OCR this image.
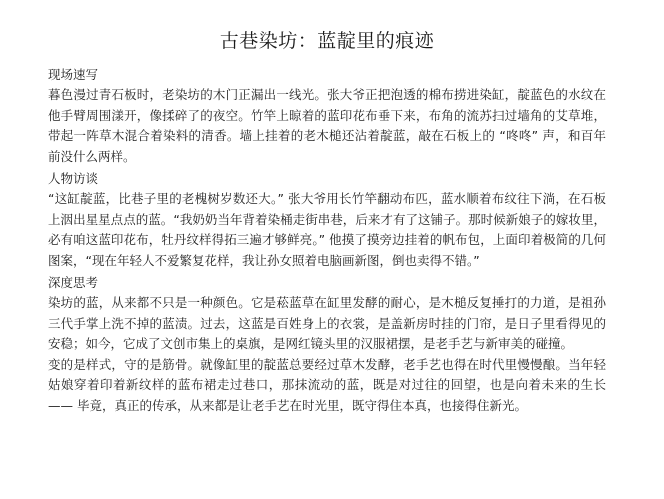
古巷染坊：蓝靛里的痕迹
现场速写

暮色漫过青石板时，老染坊的木门正漏出一线光。张大爷正把泡透的棉布捞进染缸，靛蓝色的水纹在他手臂周围漾开，像揉碎了的夜空。竹竿上晾着的蓝印花布垂下来，布角的流苏扫过墙角的艾草堆，带起一阵草木混合着染料的清香。墙上挂着的老木槌还沾着靛蓝，敲在石板上的 “咚咚” 声，和百年前没什么两样。

人物访谈

“这缸靛蓝，比巷子里的老槐树岁数还大。” 张大爷用长竹竿翻动布匹，蓝水顺着布纹往下淌，在石板上洇出星星点点的蓝。“我奶奶当年背着染桶走街串巷，后来才有了这铺子。那时候新娘子的嫁妆里，必有咱这蓝印花布，牡丹纹样得拓三遍才够鲜亮。” 他摸了摸旁边挂着的帆布包，上面印着极简的几何图案，“现在年轻人不爱繁复花样，我让孙女照着电脑画新图，倒也卖得不错。”

深度思考

染坊的蓝，从来都不只是一种颜色。它是菘蓝草在缸里发酵的耐心，是木槌反复捶打的力道，是祖孙三代手掌上洗不掉的蓝渍。过去，这蓝是百姓身上的衣裳，是盖新房时挂的门帘，是日子里看得见的安稳；如今，它成了文创市集上的桌旗，是网红镜头里的汉服裙摆，是老手艺与新审美的碰撞。

变的是样式，守的是筋骨。就像缸里的靛蓝总要经过草木发酵，老手艺也得在时代里慢慢酿。当年轻姑娘穿着印着新纹样的蓝布裙走过巷口，那抹流动的蓝，既是对过往的回望，也是向着未来的生长 —— 毕竟，真正的传承，从来都是让老手艺在时光里，既守得住本真，也接得住新光。
